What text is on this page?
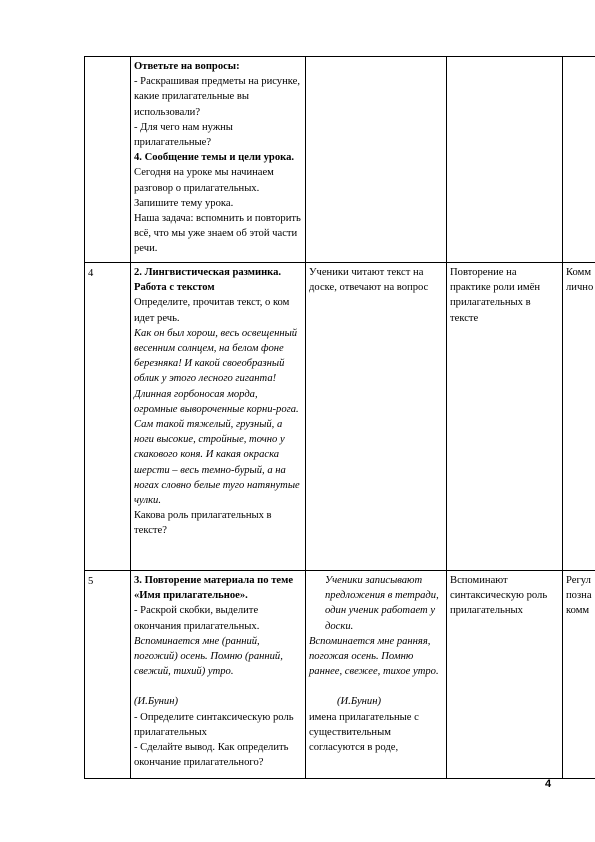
Ответьте на вопросы:

- Раскрашивая предметы на рисунке, какие прилагательные вы использовали?

- Для чего нам нужны прилагательные?

4. Сообщение темы и цели урока.

Сегодня на уроке мы начинаем разговор о прилагательных. Запишите тему урока.

Наша задача: вспомнить и повторить всё, что мы уже знаем об этой части речи.

4	2. Лингвистическая разминка. Работа с текстом

Определите, прочитав текст, о ком идет речь.

Как он был хорош, весь освещенный весенним солнцем, на белом фоне березняка! И какой своеобразный облик у этого лесного гиганта! Длинная горбоносая морда, огромные вывороченные корни-рога. Сам такой тяжелый, грузный, а ноги высокие, стройные, точно у скакового коня. И какая окраска шерсти – весь темно-бурый, а на ногах словно белые туго натянутые чулки.

Какова роль прилагательных в тексте?

Ученики читают текст на доске, отвечают на вопрос

Повторение на практике роли имён прилагательных в тексте

Комм

лично

5	3. Повторение материала по теме «Имя прилагательное».

- Раскрой скобки, выделите окончания прилагательных.

Вспоминается мне (ранний, погожий) осень. Помню (ранний, свежий, тихий) утро.

(И.Бунин)

- Определите синтаксическую роль прилагательных

- Сделайте вывод. Как определить окончание прилагательного?

Ученики записывают предложения в тетради, один ученик работает у доски.

Вспоминается мне ранняя, погожая осень. Помню раннее, свежее, тихое утро.

(И.Бунин)

имена прилагательные с существительным согласуются в роде,

Вспоминают синтаксическую роль прилагательных

Регул

позна

комм

4
